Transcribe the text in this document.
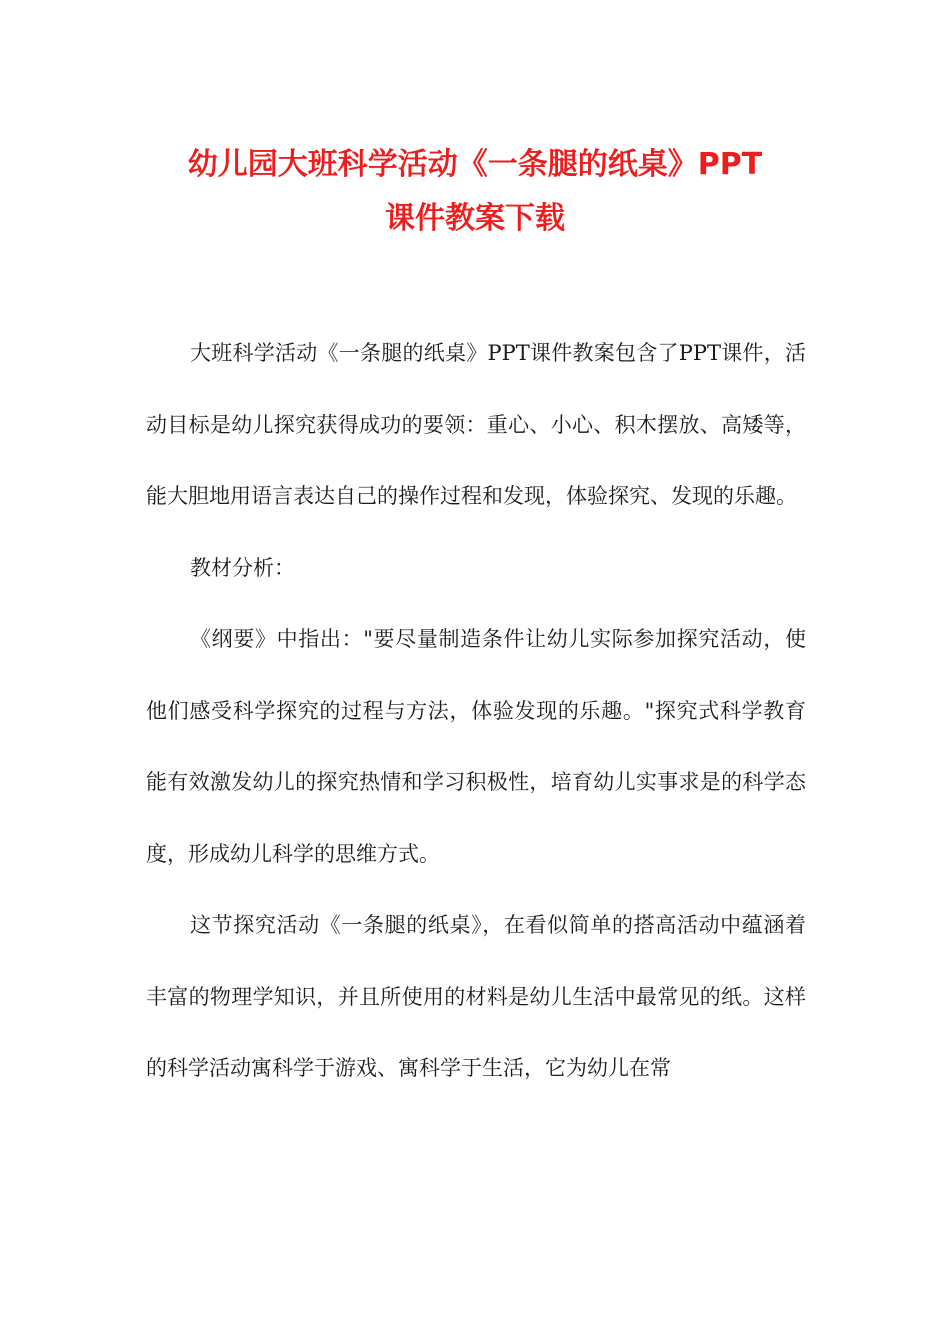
幼儿园大班科学活动《一条腿的纸桌》PPT
课件教案下载

大班科学活动《一条腿的纸桌》PPT课件教案包含了PPT课件，活动目标是幼儿探究获得成功的要领：重心、小心、积木摆放、高矮等，能大胆地用语言表达自己的操作过程和发现，体验探究、发现的乐趣。

教材分析：

《纲要》中指出："要尽量制造条件让幼儿实际参加探究活动，使他们感受科学探究的过程与方法，体验发现的乐趣。"探究式科学教育能有效激发幼儿的探究热情和学习积极性，培育幼儿实事求是的科学态度，形成幼儿科学的思维方式。

这节探究活动《一条腿的纸桌》，在看似简单的搭高活动中蕴涵着丰富的物理学知识，并且所使用的材料是幼儿生活中最常见的纸。这样的科学活动寓科学于游戏、寓科学于生活，它为幼儿在常
